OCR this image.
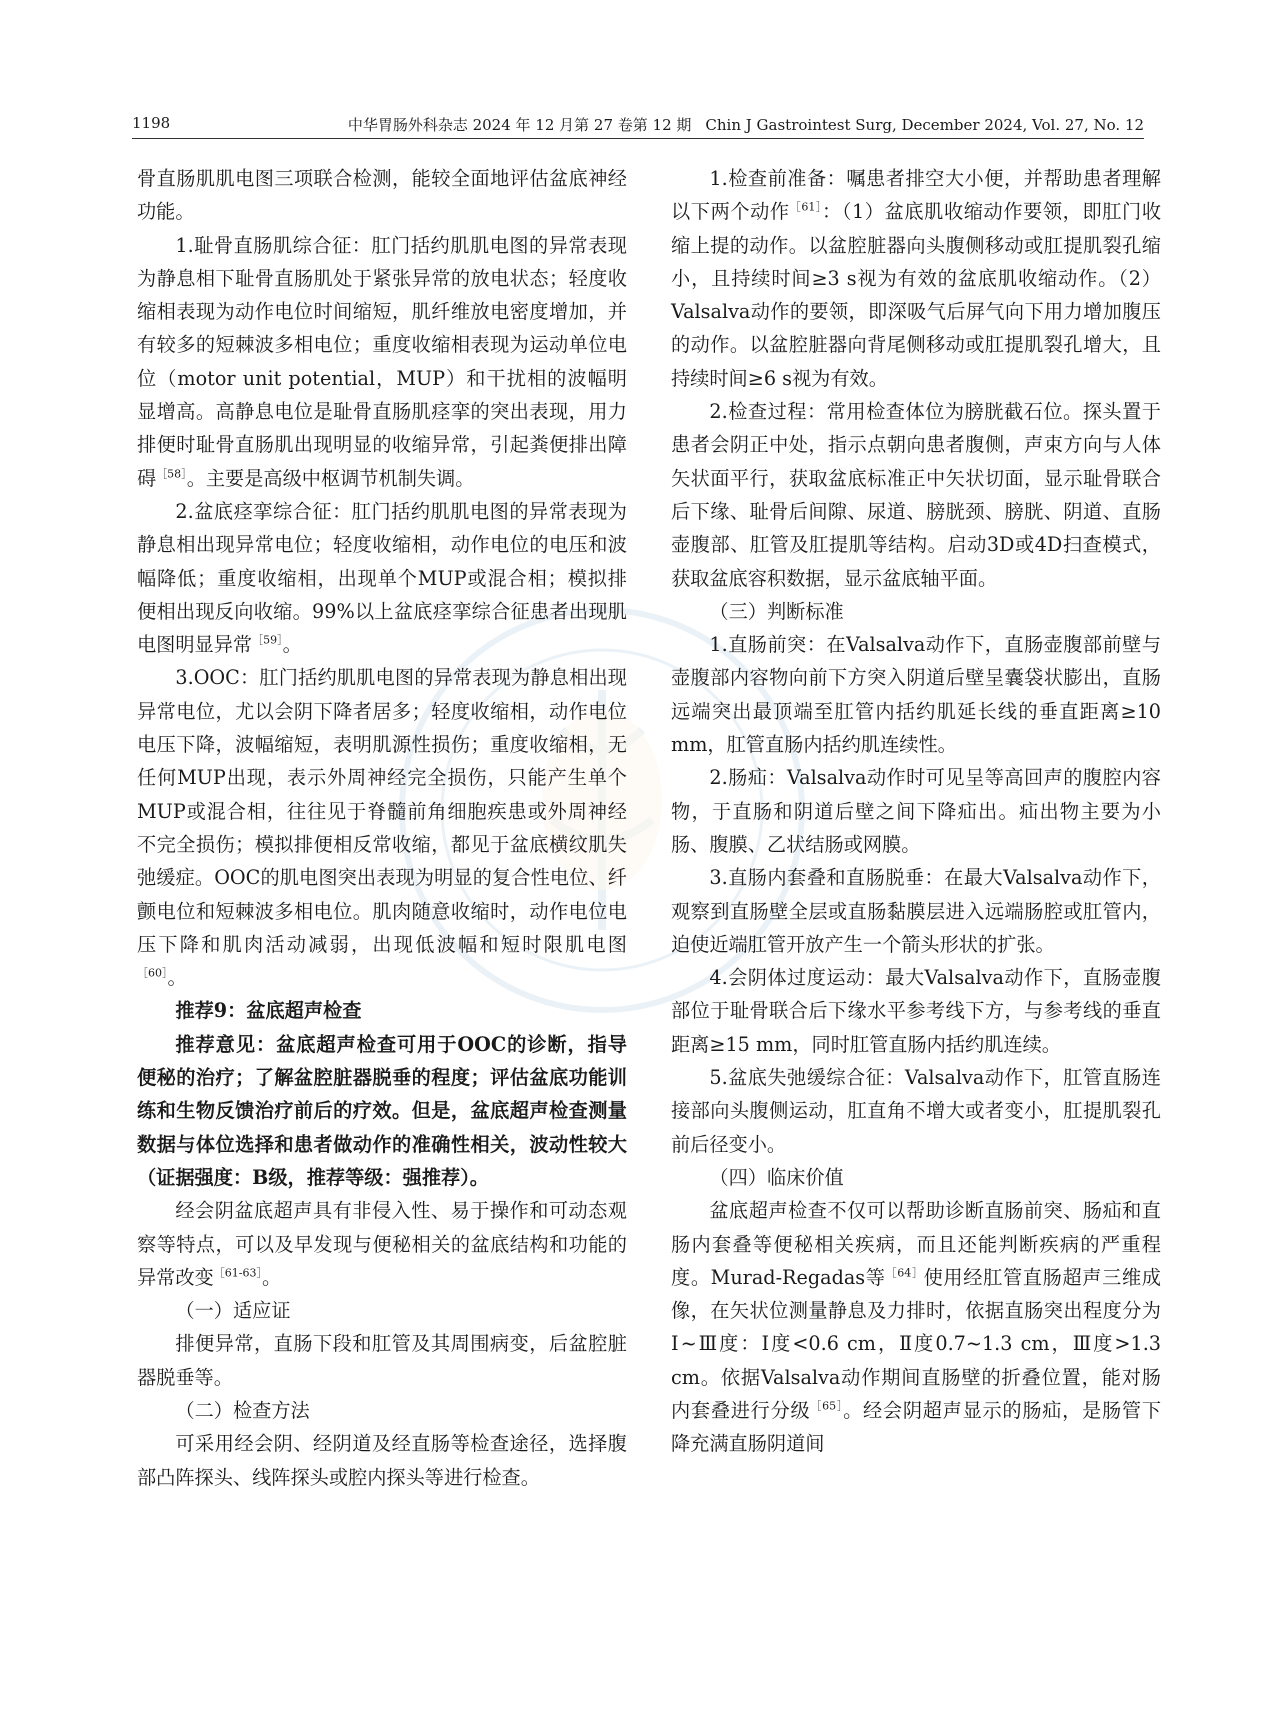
1198	中华胃肠外科杂志 2024 年 12 月第 27 卷第 12 期 Chin J Gastrointest Surg, December 2024, Vol. 27, No. 12

骨直肠肌肌电图三项联合检测，能较全面地评估盆底神经功能。

1.耻骨直肠肌综合征：肛门括约肌肌电图的异常表现为静息相下耻骨直肠肌处于紧张异常的放电状态；轻度收缩相表现为动作电位时间缩短，肌纤维放电密度增加，并有较多的短棘波多相电位；重度收缩相表现为运动单位电位（motor unit potential，MUP）和干扰相的波幅明显增高。高静息电位是耻骨直肠肌痉挛的突出表现，用力排便时耻骨直肠肌出现明显的收缩异常，引起粪便排出障碍$^{[58]}$。主要是高级中枢调节机制失调。

2.盆底痉挛综合征：肛门括约肌肌电图的异常表现为静息相出现异常电位；轻度收缩相，动作电位的电压和波幅降低；重度收缩相，出现单个MUP或混合相；模拟排便相出现反向收缩。99%以上盆底痉挛综合征患者出现肌电图明显异常$^{[59]}$。

3.OOC：肛门括约肌肌电图的异常表现为静息相出现异常电位，尤以会阴下降者居多；轻度收缩相，动作电位电压下降，波幅缩短，表明肌源性损伤；重度收缩相，无任何MUP出现，表示外周神经完全损伤，只能产生单个MUP或混合相，往往见于脊髓前角细胞疾患或外周神经不完全损伤；模拟排便相反常收缩，都见于盆底横纹肌失弛缓症。OOC的肌电图突出表现为明显的复合性电位、纤颤电位和短棘波多相电位。肌肉随意收缩时，动作电位电压下降和肌肉活动减弱，出现低波幅和短时限肌电图$^{[60]}$。

推荐9：盆底超声检查

推荐意见：盆底超声检查可用于OOC的诊断，指导便秘的治疗；了解盆腔脏器脱垂的程度；评估盆底功能训练和生物反馈治疗前后的疗效。但是，盆底超声检查测量数据与体位选择和患者做动作的准确性相关，波动性较大（证据强度：B级，推荐等级：强推荐）。

经会阴盆底超声具有非侵入性、易于操作和可动态观察等特点，可以及早发现与便秘相关的盆底结构和功能的异常改变$^{[61-63]}$。

（一）适应证

排便异常，直肠下段和肛管及其周围病变，后盆腔脏器脱垂等。

（二）检查方法

可采用经会阴、经阴道及经直肠等检查途径，选择腹部凸阵探头、线阵探头或腔内探头等进行检查。

1.检查前准备：嘱患者排空大小便，并帮助患者理解以下两个动作$^{[61]}$：（1）盆底肌收缩动作要领，即肛门收缩上提的动作。以盆腔脏器向头腹侧移动或肛提肌裂孔缩小，且持续时间≥3 s视为有效的盆底肌收缩动作。（2）Valsalva动作的要领，即深吸气后屏气向下用力增加腹压的动作。以盆腔脏器向背尾侧移动或肛提肌裂孔增大，且持续时间≥6 s视为有效。

2.检查过程：常用检查体位为膀胱截石位。探头置于患者会阴正中处，指示点朝向患者腹侧，声束方向与人体矢状面平行，获取盆底标准正中矢状切面，显示耻骨联合后下缘、耻骨后间隙、尿道、膀胱颈、膀胱、阴道、直肠壶腹部、肛管及肛提肌等结构。启动3D或4D扫查模式，获取盆底容积数据，显示盆底轴平面。

（三）判断标准

1.直肠前突：在Valsalva动作下，直肠壶腹部前壁与壶腹部内容物向前下方突入阴道后壁呈囊袋状膨出，直肠远端突出最顶端至肛管内括约肌延长线的垂直距离≥10 mm，肛管直肠内括约肌连续性。

2.肠疝：Valsalva动作时可见呈等高回声的腹腔内容物，于直肠和阴道后壁之间下降疝出。疝出物主要为小肠、腹膜、乙状结肠或网膜。

3.直肠内套叠和直肠脱垂：在最大Valsalva动作下，观察到直肠壁全层或直肠黏膜层进入远端肠腔或肛管内，迫使近端肛管开放产生一个箭头形状的扩张。

4.会阴体过度运动：最大Valsalva动作下，直肠壶腹部位于耻骨联合后下缘水平参考线下方，与参考线的垂直距离≥15 mm，同时肛管直肠内括约肌连续。

5.盆底失弛缓综合征：Valsalva动作下，肛管直肠连接部向头腹侧运动，肛直角不增大或者变小，肛提肌裂孔前后径变小。

（四）临床价值

盆底超声检查不仅可以帮助诊断直肠前突、肠疝和直肠内套叠等便秘相关疾病，而且还能判断疾病的严重程度。Murad-Regadas等$^{[64]}$使用经肛管直肠超声三维成像，在矢状位测量静息及力排时，依据直肠突出程度分为Ⅰ~Ⅲ度：Ⅰ度<0.6 cm，Ⅱ度0.7~1.3 cm，Ⅲ度>1.3 cm。依据Valsalva动作期间直肠壁的折叠位置，能对肠内套叠进行分级$^{[65]}$。经会阴超声显示的肠疝，是肠管下降充满直肠阴道间
